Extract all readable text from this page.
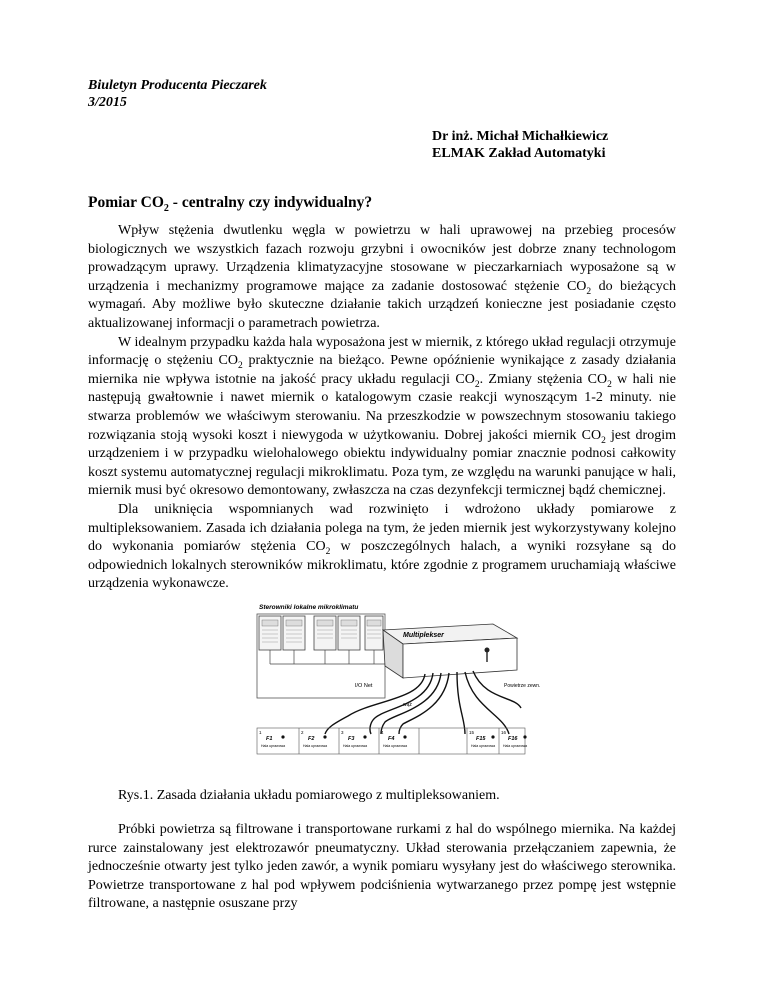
Biuletyn Producenta Pieczarek
3/2015
Dr inż. Michał Michałkiewicz
ELMAK Zakład Automatyki
Pomiar $CO_2$ - centralny czy indywidualny?

Wpływ stężenia dwutlenku węgla w powietrzu w hali uprawowej na przebieg procesów biologicznych we wszystkich fazach rozwoju grzybni i owocników jest dobrze znany technologom prowadzącym uprawy. Urządzenia klimatyzacyjne stosowane w pieczarkarniach wyposażone są w urządzenia i mechanizmy programowe mające za zadanie dostosować stężenie $CO_2$ do bieżących wymagań. Aby możliwe było skuteczne działanie takich urządzeń konieczne jest posiadanie często aktualizowanej informacji o parametrach powietrza.

W idealnym przypadku każda hala wyposażona jest w miernik, z którego układ regulacji otrzymuje informację o stężeniu $CO_2$ praktycznie na bieżąco. Pewne opóźnienie wynikające z zasady działania miernika nie wpływa istotnie na jakość pracy układu regulacji $CO_2$. Zmiany stężenia $CO_2$ w hali nie następują gwałtownie i nawet miernik o katalogowym czasie reakcji wynoszącym 1-2 minuty. nie stwarza problemów we właściwym sterowaniu. Na przeszkodzie w powszechnym stosowaniu takiego rozwiązania stoją wysoki koszt i niewygoda w użytkowaniu. Dobrej jakości miernik $CO_2$ jest drogim urządzeniem i w przypadku wielohalowego obiektu indywidualny pomiar znacznie podnosi całkowity koszt systemu automatycznej regulacji mikroklimatu. Poza tym, ze względu na warunki panujące w hali, miernik musi być okresowo demontowany, zwłaszcza na czas dezynfekcji termicznej bądź chemicznej.

Dla uniknięcia wspomnianych wad rozwinięto i wdrożono układy pomiarowe z multipleksowaniem. Zasada ich działania polega na tym, że jeden miernik jest wykorzystywany kolejno do wykonania pomiarów stężenia $CO_2$ w poszczególnych halach, a wyniki rozsyłane są do odpowiednich lokalnych sterowników mikroklimatu, które zgodnie z programem uruchamiają właściwe urządzenia wykonawcze.

Sterowniki lokalne mikroklimatu
I/O Net
Multiplekser
Powietrze zewn.
wąż
1
F1
Hala uprawowa
2
F2
Hala uprawowa
3
F3
Hala uprawowa
4
F4
Hala uprawowa
15
F15
Hala uprawowa
16
F16
Hala uprawowa
Rys.1. Zasada działania układu pomiarowego z multipleksowaniem.

Próbki powietrza są filtrowane i transportowane rurkami z hal do wspólnego miernika. Na każdej rurce zainstalowany jest elektrozawór pneumatyczny. Układ sterowania przełączaniem zapewnia, że jednocześnie otwarty jest tylko jeden zawór, a wynik pomiaru wysyłany jest do właściwego sterownika. Powietrze transportowane z hal pod wpływem podciśnienia wytwarzanego przez pompę jest wstępnie filtrowane, a następnie osuszane przy
